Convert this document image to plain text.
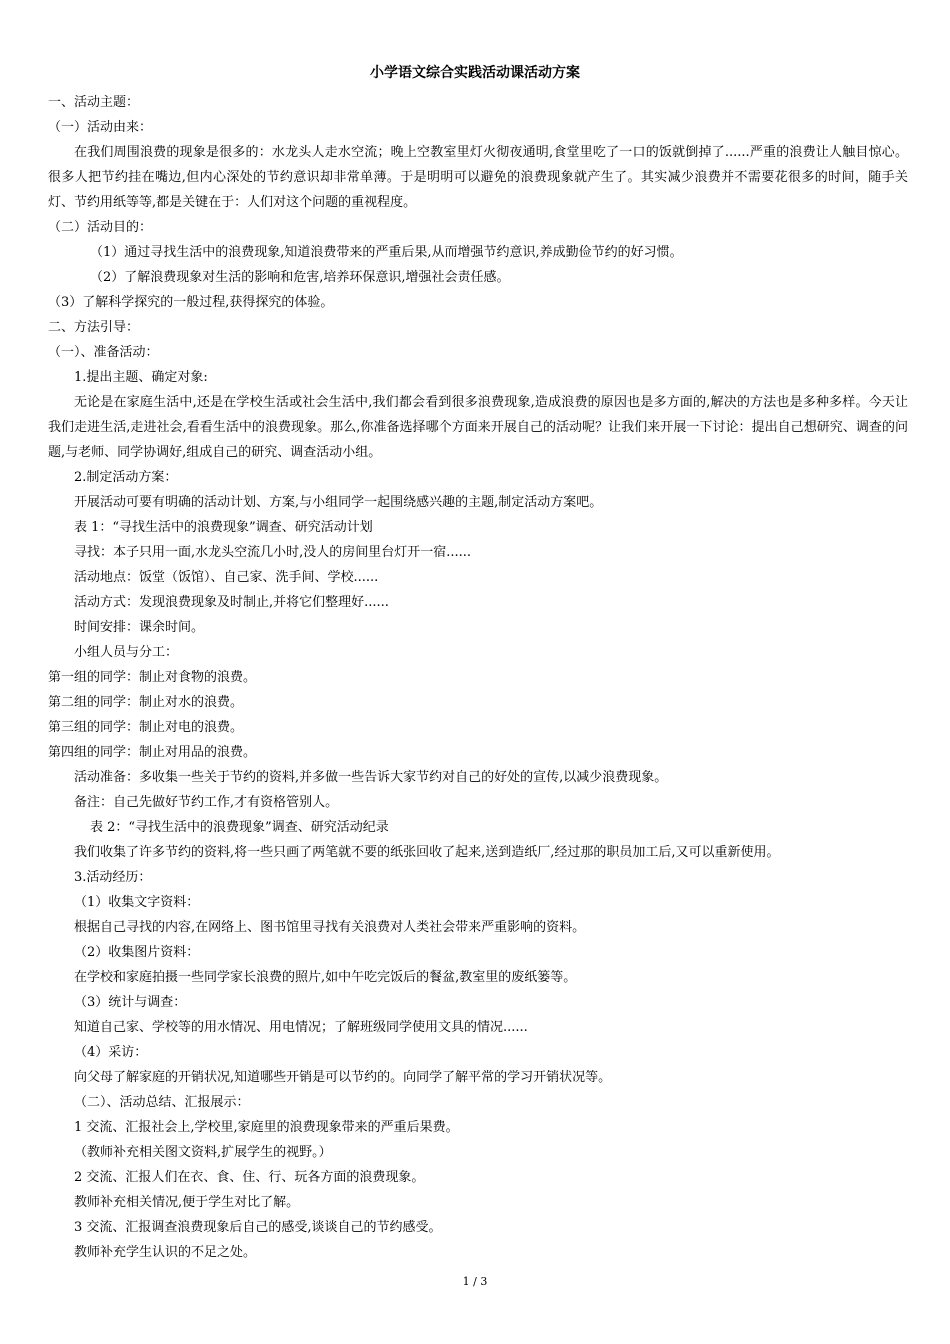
小学语文综合实践活动课活动方案
一、活动主题：
（一）活动由来：
在我们周围浪费的现象是很多的：水龙头人走水空流；晚上空教室里灯火彻夜通明,食堂里吃了一口的饭就倒掉了......严重的浪费让人触目惊心。很多人把节约挂在嘴边,但内心深处的节约意识却非常单薄。于是明明可以避免的浪费现象就产生了。其实减少浪费并不需要花很多的时间，随手关灯、节约用纸等等,都是关键在于：人们对这个问题的重视程度。
（二）活动目的：
（1）通过寻找生活中的浪费现象,知道浪费带来的严重后果,从而增强节约意识,养成勤俭节约的好习惯。
（2）了解浪费现象对生活的影响和危害,培养环保意识,增强社会责任感。
（3）了解科学探究的一般过程,获得探究的体验。
二、方法引导：
（一）、准备活动：
1.提出主题、确定对象:
无论是在家庭生活中,还是在学校生活或社会生活中,我们都会看到很多浪费现象,造成浪费的原因也是多方面的,解决的方法也是多种多样。今天让我们走进生活,走进社会,看看生活中的浪费现象。那么,你准备选择哪个方面来开展自己的活动呢？让我们来开展一下讨论：提出自己想研究、调查的问题,与老师、同学协调好,组成自己的研究、调查活动小组。
2.制定活动方案：
开展活动可要有明确的活动计划、方案,与小组同学一起围绕感兴趣的主题,制定活动方案吧。
表 1：“寻找生活中的浪费现象”调查、研究活动计划
寻找：本子只用一面,水龙头空流几小时,没人的房间里台灯开一宿......
活动地点：饭堂（饭馆）、自己家、洗手间、学校......
活动方式：发现浪费现象及时制止,并将它们整理好......
时间安排：课余时间。
小组人员与分工：
第一组的同学：制止对食物的浪费。
第二组的同学：制止对水的浪费。
第三组的同学：制止对电的浪费。
第四组的同学：制止对用品的浪费。
活动准备：多收集一些关于节约的资料,并多做一些告诉大家节约对自己的好处的宣传,以减少浪费现象。
备注：自己先做好节约工作,才有资格管别人。
表 2：“寻找生活中的浪费现象”调查、研究活动纪录
我们收集了许多节约的资料,将一些只画了两笔就不要的纸张回收了起来,送到造纸厂,经过那的职员加工后,又可以重新使用。
3.活动经历：
（1）收集文字资料：
根据自己寻找的内容,在网络上、图书馆里寻找有关浪费对人类社会带来严重影响的资料。
（2）收集图片资料：
在学校和家庭拍摄一些同学家长浪费的照片,如中午吃完饭后的餐盆,教室里的废纸篓等。
（3）统计与调查：
知道自己家、学校等的用水情况、用电情况；了解班级同学使用文具的情况......
（4）采访：
向父母了解家庭的开销状况,知道哪些开销是可以节约的。向同学了解平常的学习开销状况等。
（二）、活动总结、汇报展示：
1 交流、汇报社会上,学校里,家庭里的浪费现象带来的严重后果费。
（教师补充相关图文资料,扩展学生的视野。）
2 交流、汇报人们在衣、食、住、行、玩各方面的浪费现象。
教师补充相关情况,便于学生对比了解。
3 交流、汇报调查浪费现象后自己的感受,谈谈自己的节约感受。
教师补充学生认识的不足之处。
1 / 3
